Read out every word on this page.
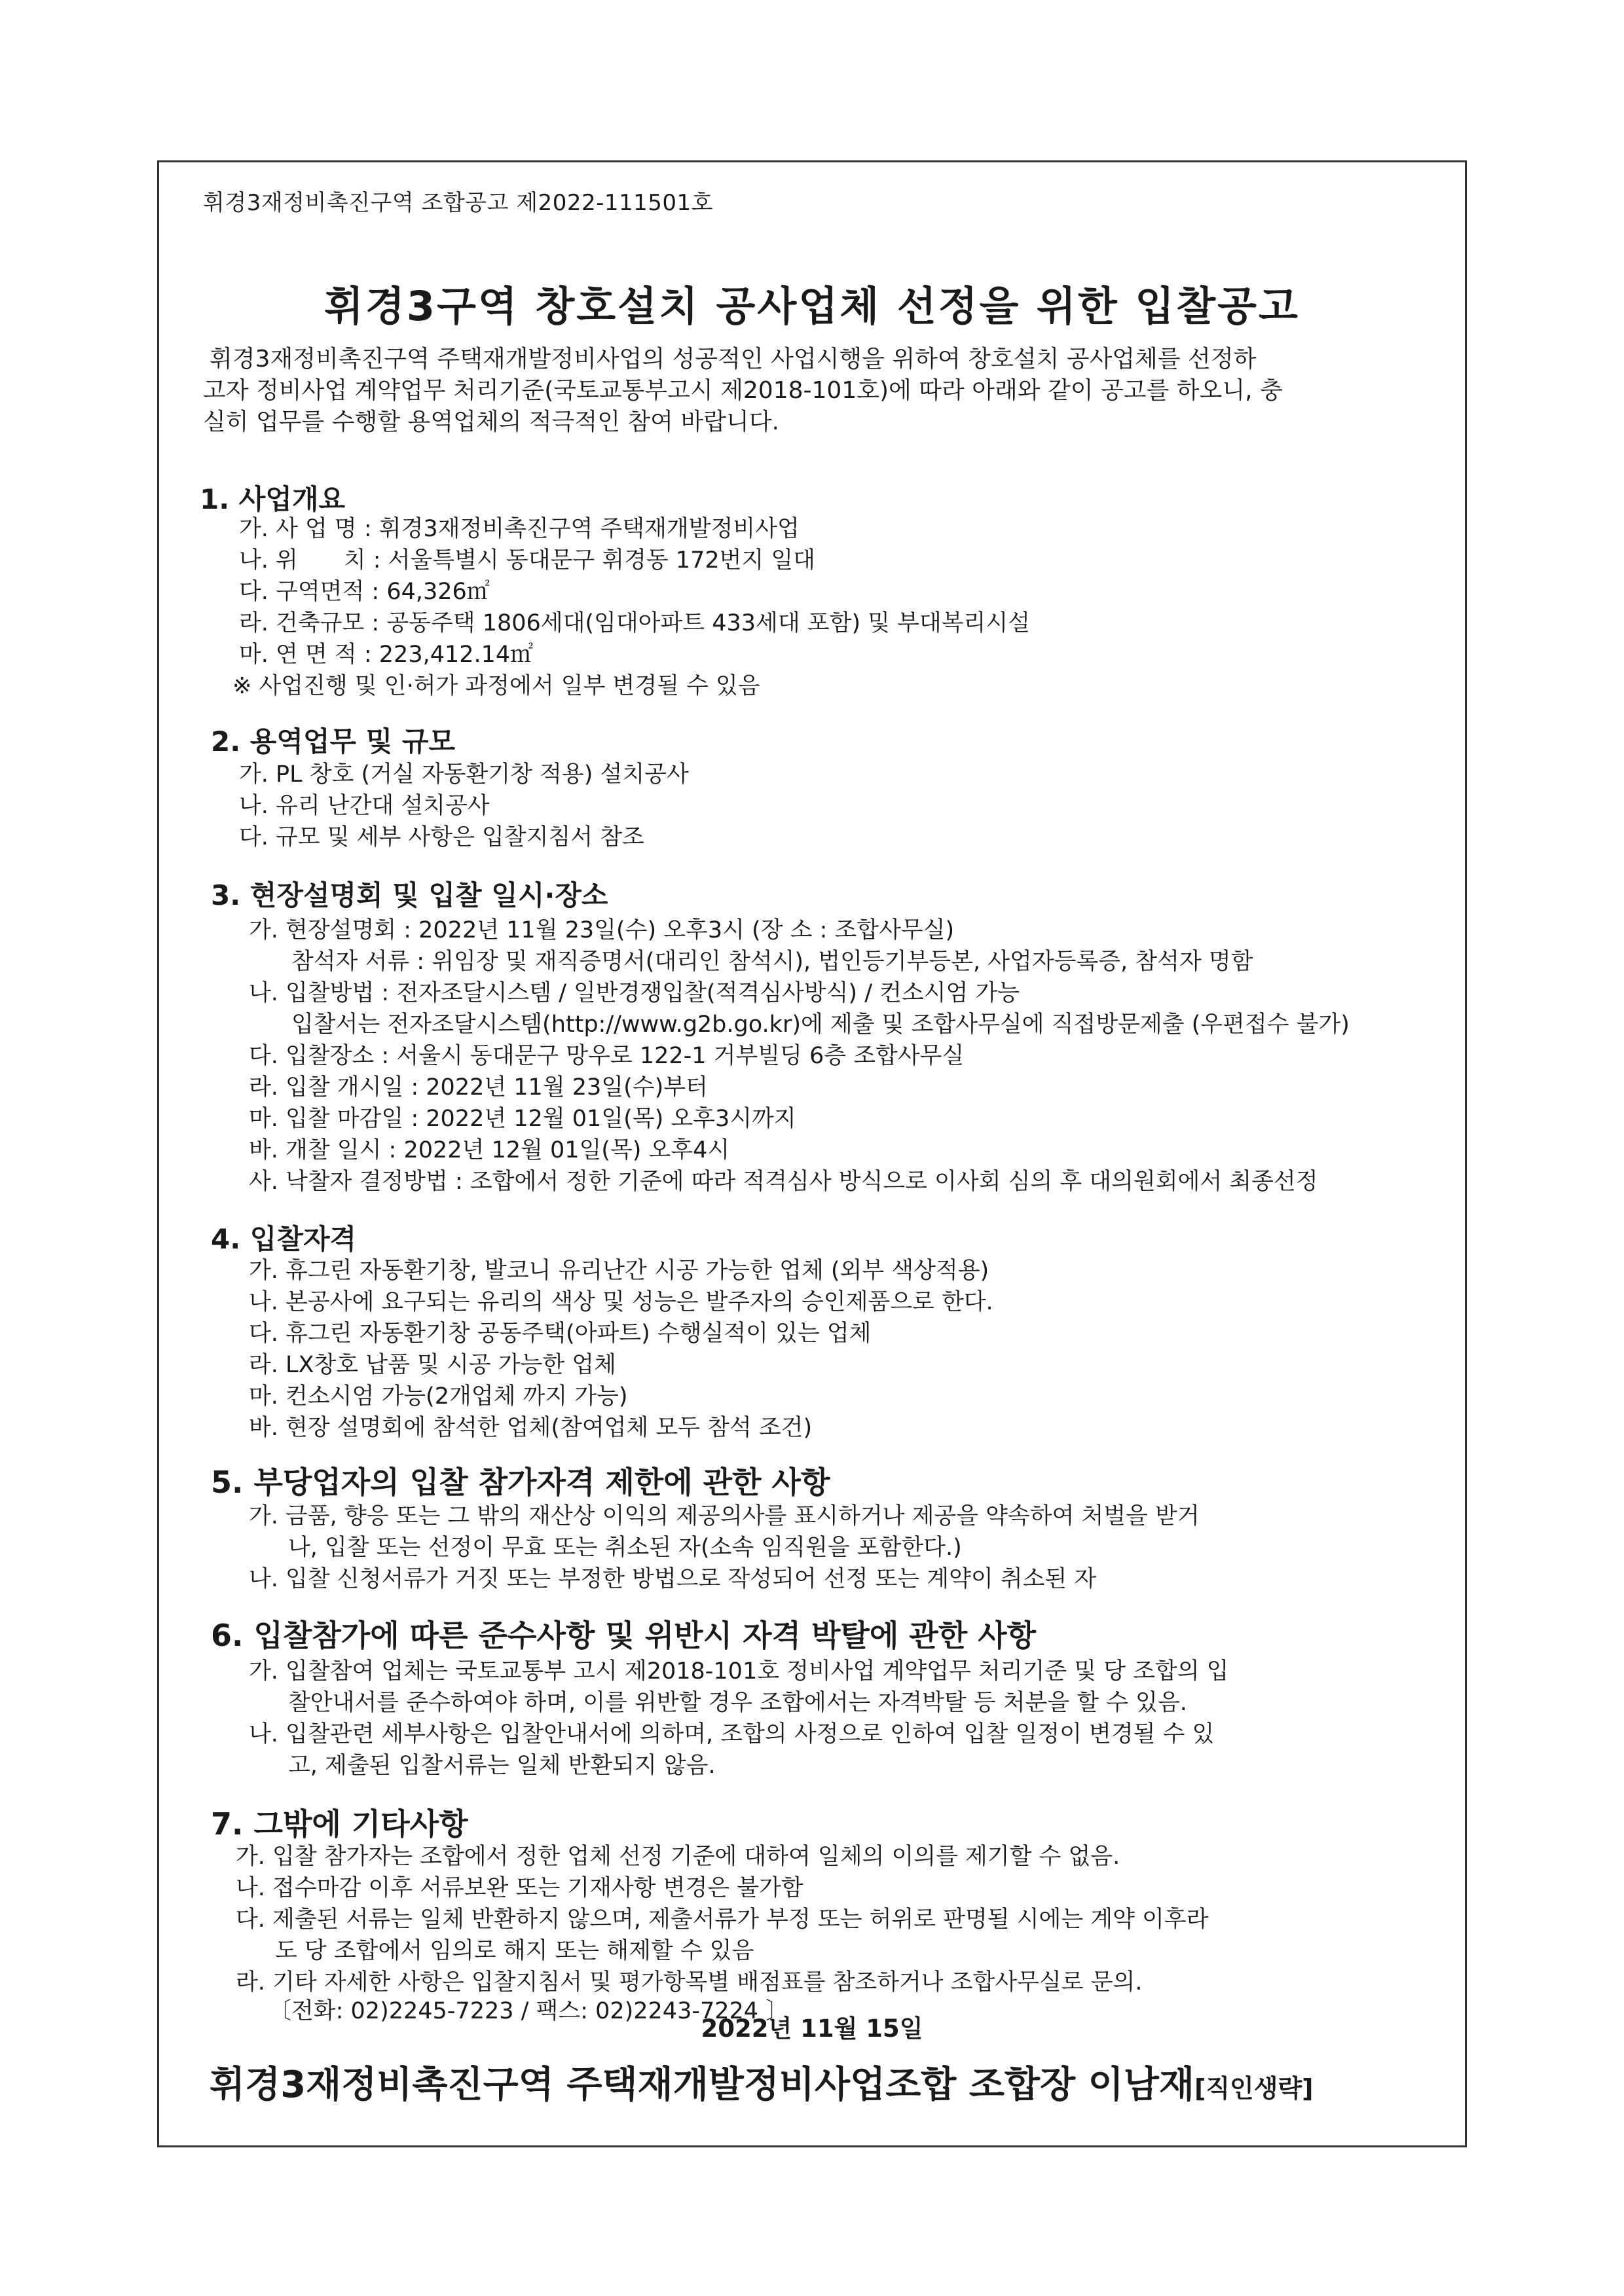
휘경3재정비촉진구역 조합공고 제2022-111501호
휘경3구역 창호설치 공사업체 선정을 위한 입찰공고
휘경3재정비촉진구역 주택재개발정비사업의 성공적인 사업시행을 위하여 창호설치 공사업체를 선정하
고자 정비사업 계약업무 처리기준(국토교통부고시 제2018-101호)에 따라 아래와 같이 공고를 하오니, 충
실히 업무를 수행할 용역업체의 적극적인 참여 바랍니다.
1. 사업개요
가. 사 업 명 : 휘경3재정비촉진구역 주택재개발정비사업
나. 위　　치 : 서울특별시 동대문구 휘경동 172번지 일대
다. 구역면적 : 64,326㎡
라. 건축규모 : 공동주택 1806세대(임대아파트 433세대 포함) 및 부대복리시설
마. 연 면 적 : 223,412.14㎡
※ 사업진행 및 인·허가 과정에서 일부 변경될 수 있음
2. 용역업무 및 규모
가. PL 창호 (거실 자동환기창 적용) 설치공사
나. 유리 난간대 설치공사
다. 규모 및 세부 사항은 입찰지침서 참조
3. 현장설명회 및 입찰 일시·장소
가. 현장설명회 : 2022년 11월 23일(수) 오후3시 (장 소 : 조합사무실)
참석자 서류 : 위임장 및 재직증명서(대리인 참석시), 법인등기부등본, 사업자등록증, 참석자 명함
나. 입찰방법 : 전자조달시스템 / 일반경쟁입찰(적격심사방식) / 컨소시엄 가능
입찰서는 전자조달시스템(http://www.g2b.go.kr)에 제출 및 조합사무실에 직접방문제출 (우편접수 불가)
다. 입찰장소 : 서울시 동대문구 망우로 122-1 거부빌딩 6층 조합사무실
라. 입찰 개시일 : 2022년 11월 23일(수)부터
마. 입찰 마감일 : 2022년 12월 01일(목) 오후3시까지
바. 개찰 일시 : 2022년 12월 01일(목) 오후4시
사. 낙찰자 결정방법 : 조합에서 정한 기준에 따라 적격심사 방식으로 이사회 심의 후 대의원회에서 최종선정
4. 입찰자격
가. 휴그린 자동환기창, 발코니 유리난간 시공 가능한 업체 (외부 색상적용)
나. 본공사에 요구되는 유리의 색상 및 성능은 발주자의 승인제품으로 한다.
다. 휴그린 자동환기창 공동주택(아파트) 수행실적이 있는 업체
라. LX창호 납품 및 시공 가능한 업체
마. 컨소시엄 가능(2개업체 까지 가능)
바. 현장 설명회에 참석한 업체(참여업체 모두 참석 조건)
5. 부당업자의 입찰 참가자격 제한에 관한 사항
가. 금품, 향응 또는 그 밖의 재산상 이익의 제공의사를 표시하거나 제공을 약속하여 처벌을 받거
나, 입찰 또는 선정이 무효 또는 취소된 자(소속 임직원을 포함한다.)
나. 입찰 신청서류가 거짓 또는 부정한 방법으로 작성되어 선정 또는 계약이 취소된 자
6. 입찰참가에 따른 준수사항 및 위반시 자격 박탈에 관한 사항
가. 입찰참여 업체는 국토교통부 고시 제2018-101호 정비사업 계약업무 처리기준 및 당 조합의 입
찰안내서를 준수하여야 하며, 이를 위반할 경우 조합에서는 자격박탈 등 처분을 할 수 있음.
나. 입찰관련 세부사항은 입찰안내서에 의하며, 조합의 사정으로 인하여 입찰 일정이 변경될 수 있
고, 제출된 입찰서류는 일체 반환되지 않음.
7. 그밖에 기타사항
가. 입찰 참가자는 조합에서 정한 업체 선정 기준에 대하여 일체의 이의를 제기할 수 없음.
나. 접수마감 이후 서류보완 또는 기재사항 변경은 불가함
다. 제출된 서류는 일체 반환하지 않으며, 제출서류가 부정 또는 허위로 판명될 시에는 계약 이후라
도 당 조합에서 임의로 해지 또는 해제할 수 있음
라. 기타 자세한 사항은 입찰지침서 및 평가항목별 배점표를 참조하거나 조합사무실로 문의.
〔전화: 02)2245-7223 / 팩스: 02)2243-7224 〕
2022년 11월 15일
휘경3재정비촉진구역 주택재개발정비사업조합 조합장 이남재[직인생략]
